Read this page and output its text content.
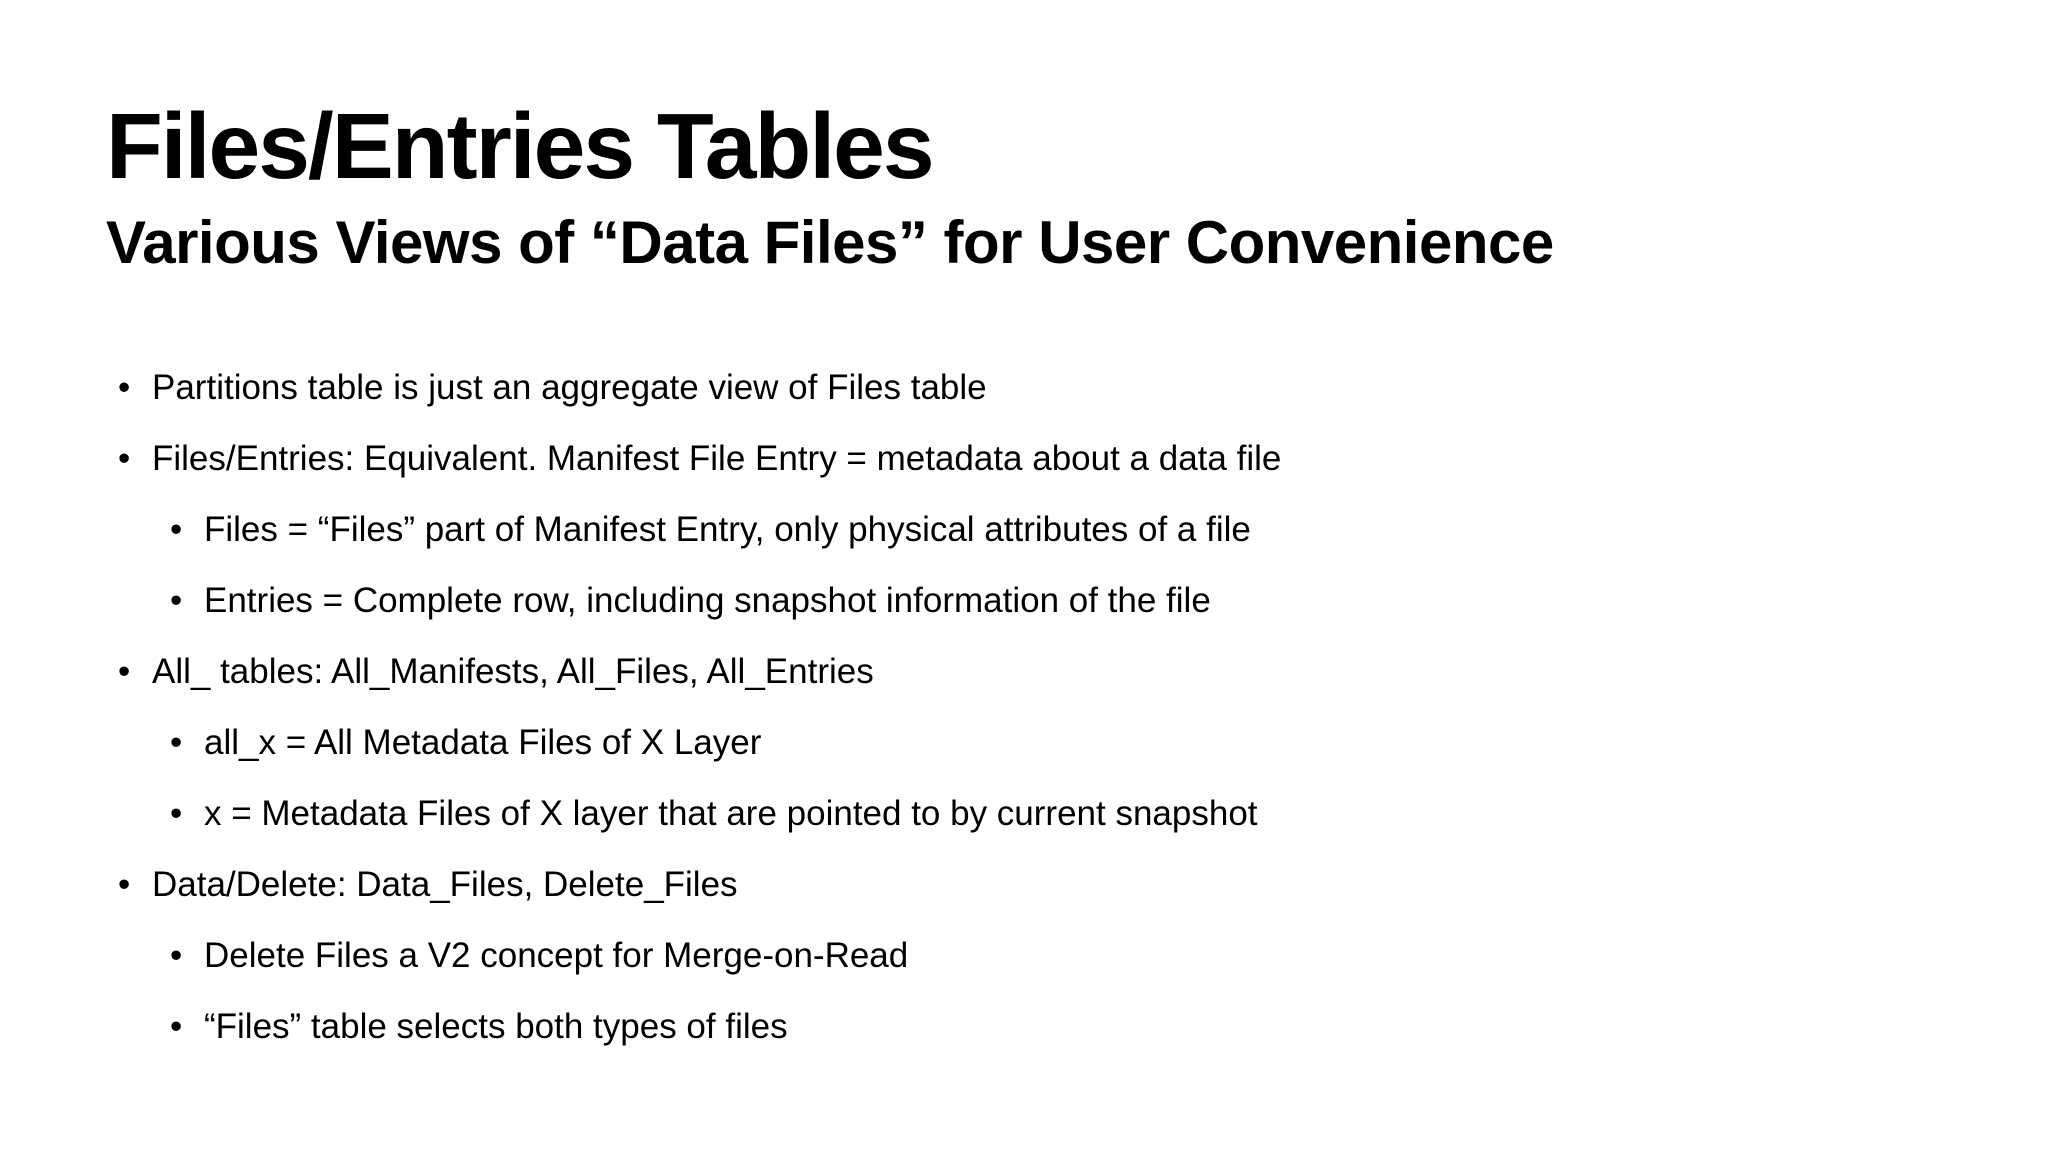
Files/Entries Tables
Various Views of “Data Files” for User Convenience
• Partitions table is just an aggregate view of Files table
• Files/Entries: Equivalent. Manifest File Entry = metadata about a data file
• Files = “Files” part of Manifest Entry, only physical attributes of a file
• Entries = Complete row, including snapshot information of the file
• All_ tables: All_Manifests, All_Files, All_Entries
• all_x = All Metadata Files of X Layer
• x = Metadata Files of X layer that are pointed to by current snapshot
• Data/Delete: Data_Files, Delete_Files
• Delete Files a V2 concept for Merge-on-Read
• “Files” table selects both types of files
